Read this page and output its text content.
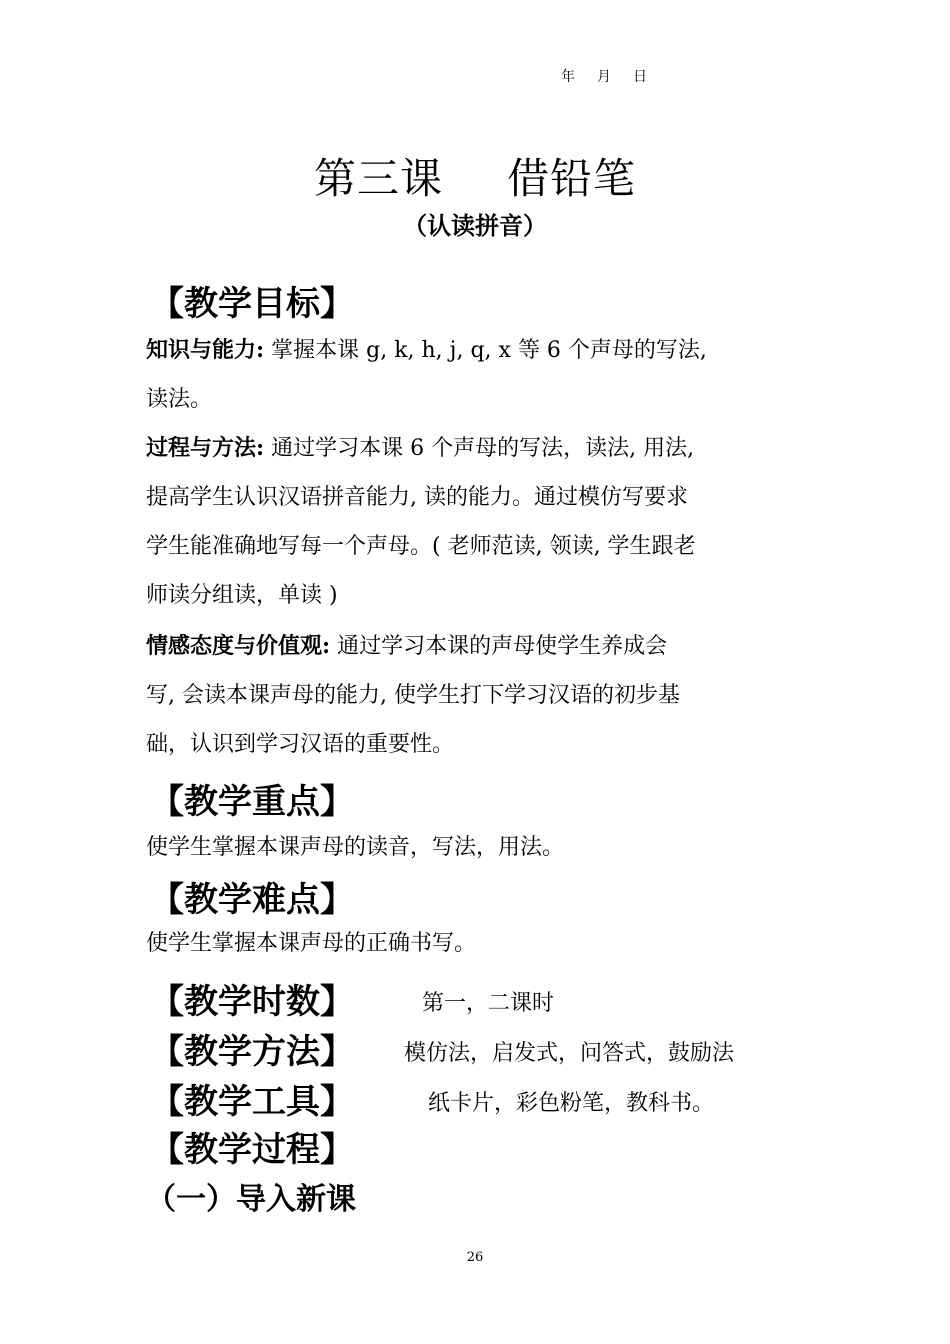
年 月 日
第三课 借铅笔
（认读拼音）
【教学目标】
知识与能力: 掌握本课 g, k, h, j, q, x 等 6 个声母的写法,
读法。
过程与方法: 通过学习本课 6 个声母的写法，读法, 用法,
提高学生认识汉语拼音能力, 读的能力。通过模仿写要求
学生能准确地写每一个声母。( 老师范读, 领读, 学生跟老
师读分组读，单读 )
情感态度与价值观: 通过学习本课的声母使学生养成会
写, 会读本课声母的能力, 使学生打下学习汉语的初步基
础，认识到学习汉语的重要性。
【教学重点】
使学生掌握本课声母的读音，写法，用法。
【教学难点】
使学生掌握本课声母的正确书写。
【教学时数】	第一，二课时
【教学方法】 模仿法，启发式，问答式，鼓励法
【教学工具】	纸卡片，彩色粉笔，教科书。
【教学过程】
（一）导入新课
26
